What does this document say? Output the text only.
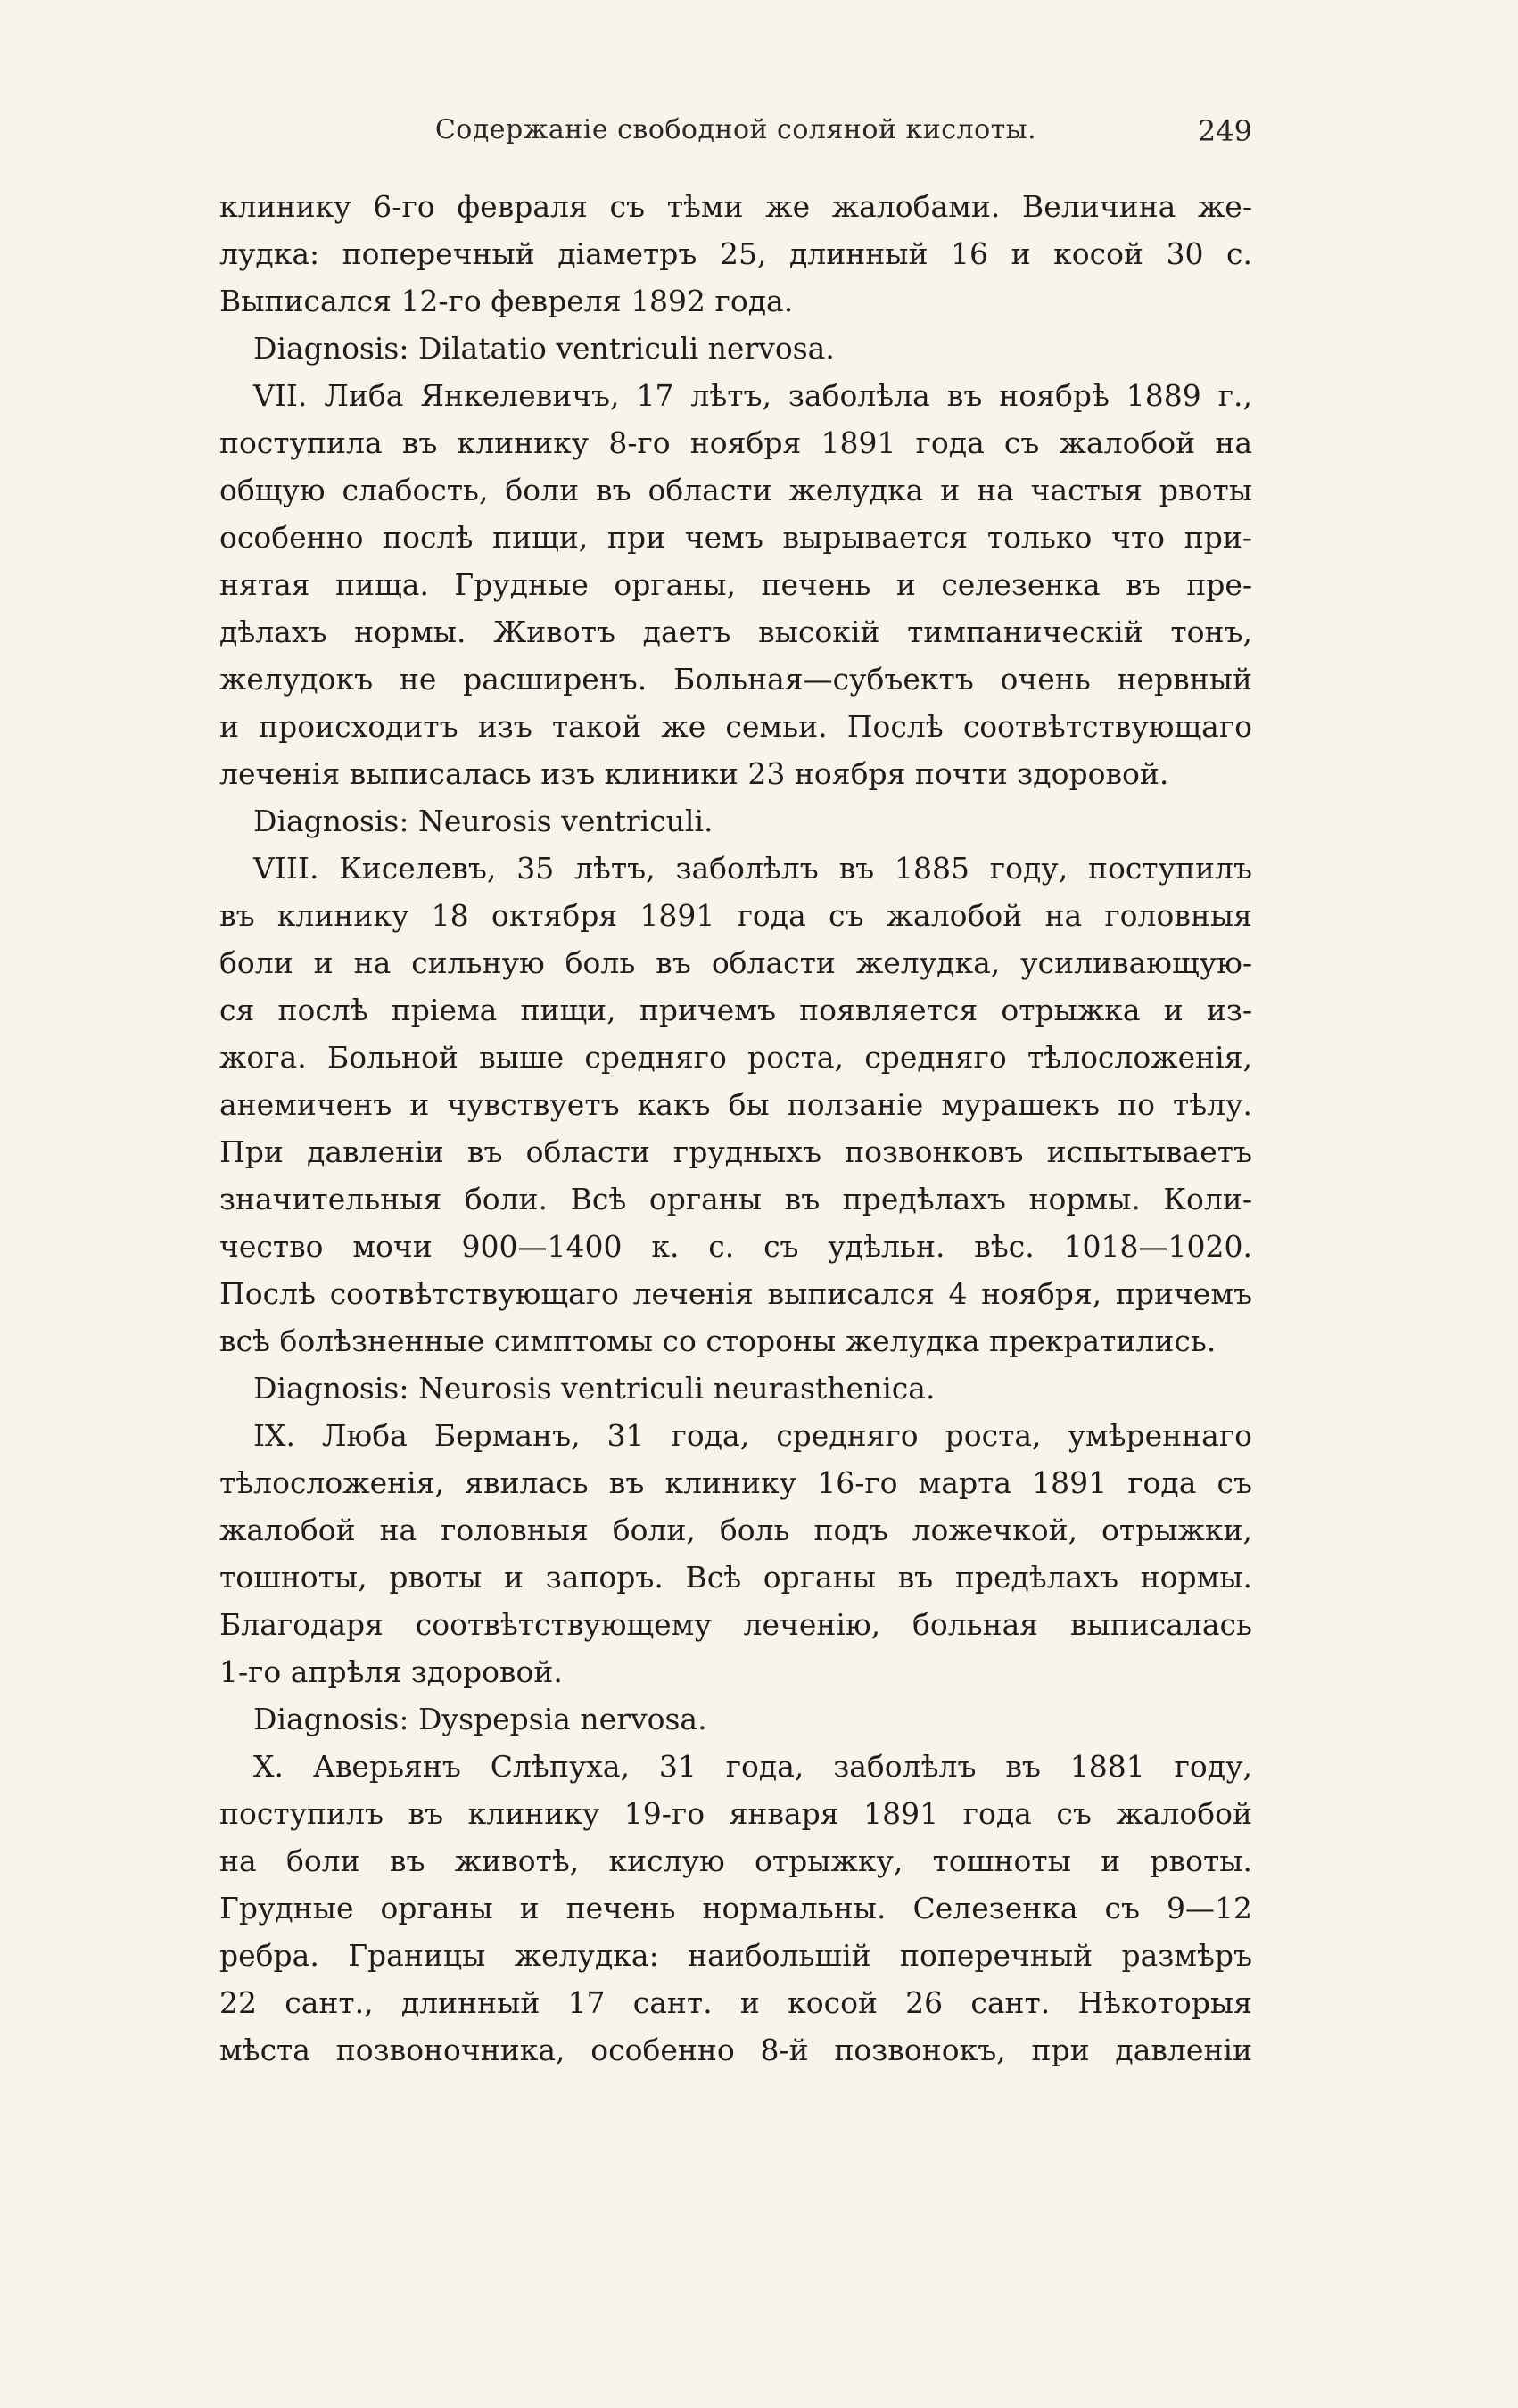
Содержаніе свободной соляной кислоты.	249
клинику 6-го февраля съ тѣми же жалобами. Величина же-
лудка: поперечный діаметръ 25, длинный 16 и косой 30 с.
Выписался 12-го февреля 1892 года.
Diagnosis: Dilatatio ventriculi nervosa.
VII. Либа Янкелевичъ, 17 лѣтъ, заболѣла въ ноябрѣ 1889 г.,
поступила въ клинику 8-го ноября 1891 года съ жалобой на
общую слабость, боли въ области желудка и на частыя рвоты
особенно послѣ пищи, при чемъ вырывается только что при-
нятая пища. Грудные органы, печень и селезенка въ пре-
дѣлахъ нормы. Животъ даетъ высокій тимпаническій тонъ,
желудокъ не расширенъ. Больная—субъектъ очень нервный
и происходитъ изъ такой же семьи. Послѣ соотвѣтствующаго
леченія выписалась изъ клиники 23 ноября почти здоровой.
Diagnosis: Neurosis ventriculi.
VIII. Киселевъ, 35 лѣтъ, заболѣлъ въ 1885 году, поступилъ
въ клинику 18 октября 1891 года съ жалобой на головныя
боли и на сильную боль въ области желудка, усиливающую-
ся послѣ пріема пищи, причемъ появляется отрыжка и из-
жога. Больной выше средняго роста, средняго тѣлосложенія,
анемиченъ и чувствуетъ какъ бы ползаніе мурашекъ по тѣлу.
При давленіи въ области грудныхъ позвонковъ испытываетъ
значительныя боли. Всѣ органы въ предѣлахъ нормы. Коли-
чество мочи 900—1400 к. с. съ удѣльн. вѣс. 1018—1020.
Послѣ соотвѣтствующаго леченія выписался 4 ноября, причемъ
всѣ болѣзненные симптомы со стороны желудка прекратились.
Diagnosis: Neurosis ventriculi neurasthenica.
IX. Люба Берманъ, 31 года, средняго роста, умѣреннаго
тѣлосложенія, явилась въ клинику 16-го марта 1891 года съ
жалобой на головныя боли, боль подъ ложечкой, отрыжки,
тошноты, рвоты и запоръ. Всѣ органы въ предѣлахъ нормы.
Благодаря соотвѣтствующему леченію, больная выписалась
1-го апрѣля здоровой.
Diagnosis: Dyspepsia nervosa.
X. Аверьянъ Слѣпуха, 31 года, заболѣлъ въ 1881 году,
поступилъ въ клинику 19-го января 1891 года съ жалобой
на боли въ животѣ, кислую отрыжку, тошноты и рвоты.
Грудные органы и печень нормальны. Селезенка съ 9—12
ребра. Границы желудка: наибольшій поперечный размѣръ
22 сант., длинный 17 сант. и косой 26 сант. Нѣкоторыя
мѣста позвоночника, особенно 8-й позвонокъ, при давленіи
